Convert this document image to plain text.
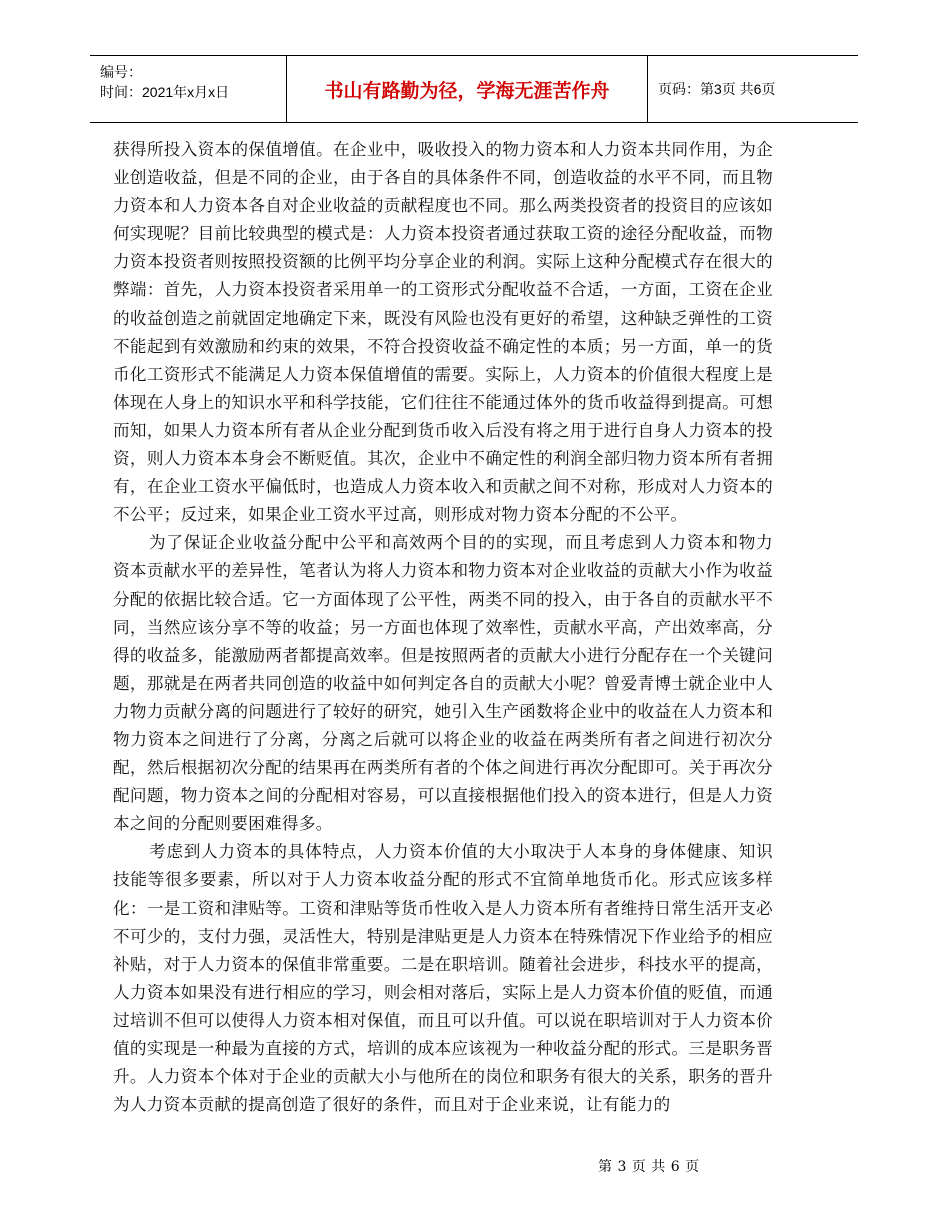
编号：
时间：2021年x月x日	书山有路勤为径，学海无涯苦作舟	页码：第3页 共6页

获得所投入资本的保值增值。在企业中，吸收投入的物力资本和人力资本共同作用，为企业创造收益，但是不同的企业，由于各自的具体条件不同，创造收益的水平不同，而且物力资本和人力资本各自对企业收益的贡献程度也不同。那么两类投资者的投资目的应该如何实现呢？目前比较典型的模式是：人力资本投资者通过获取工资的途径分配收益，而物力资本投资者则按照投资额的比例平均分享企业的利润。实际上这种分配模式存在很大的弊端：首先，人力资本投资者采用单一的工资形式分配收益不合适，一方面，工资在企业的收益创造之前就固定地确定下来，既没有风险也没有更好的希望，这种缺乏弹性的工资不能起到有效激励和约束的效果，不符合投资收益不确定性的本质；另一方面，单一的货币化工资形式不能满足人力资本保值增值的需要。实际上，人力资本的价值很大程度上是体现在人身上的知识水平和科学技能，它们往往不能通过体外的货币收益得到提高。可想而知，如果人力资本所有者从企业分配到货币收入后没有将之用于进行自身人力资本的投资，则人力资本本身会不断贬值。其次，企业中不确定性的利润全部归物力资本所有者拥有，在企业工资水平偏低时，也造成人力资本收入和贡献之间不对称，形成对人力资本的不公平；反过来，如果企业工资水平过高，则形成对物力资本分配的不公平。

为了保证企业收益分配中公平和高效两个目的的实现，而且考虑到人力资本和物力资本贡献水平的差异性，笔者认为将人力资本和物力资本对企业收益的贡献大小作为收益分配的依据比较合适。它一方面体现了公平性，两类不同的投入，由于各自的贡献水平不同，当然应该分享不等的收益；另一方面也体现了效率性，贡献水平高，产出效率高，分得的收益多，能激励两者都提高效率。但是按照两者的贡献大小进行分配存在一个关键问题，那就是在两者共同创造的收益中如何判定各自的贡献大小呢？曾爱青博士就企业中人力物力贡献分离的问题进行了较好的研究，她引入生产函数将企业中的收益在人力资本和物力资本之间进行了分离，分离之后就可以将企业的收益在两类所有者之间进行初次分配，然后根据初次分配的结果再在两类所有者的个体之间进行再次分配即可。关于再次分配问题，物力资本之间的分配相对容易，可以直接根据他们投入的资本进行，但是人力资本之间的分配则要困难得多。

考虑到人力资本的具体特点，人力资本价值的大小取决于人本身的身体健康、知识技能等很多要素，所以对于人力资本收益分配的形式不宜简单地货币化。形式应该多样化：一是工资和津贴等。工资和津贴等货币性收入是人力资本所有者维持日常生活开支必不可少的，支付力强，灵活性大，特别是津贴更是人力资本在特殊情况下作业给予的相应补贴，对于人力资本的保值非常重要。二是在职培训。随着社会进步，科技水平的提高，人力资本如果没有进行相应的学习，则会相对落后，实际上是人力资本价值的贬值，而通过培训不但可以使得人力资本相对保值，而且可以升值。可以说在职培训对于人力资本价值的实现是一种最为直接的方式，培训的成本应该视为一种收益分配的形式。三是职务晋升。人力资本个体对于企业的贡献大小与他所在的岗位和职务有很大的关系，职务的晋升为人力资本贡献的提高创造了很好的条件，而且对于企业来说，让有能力的

第 3 页 共 6 页
